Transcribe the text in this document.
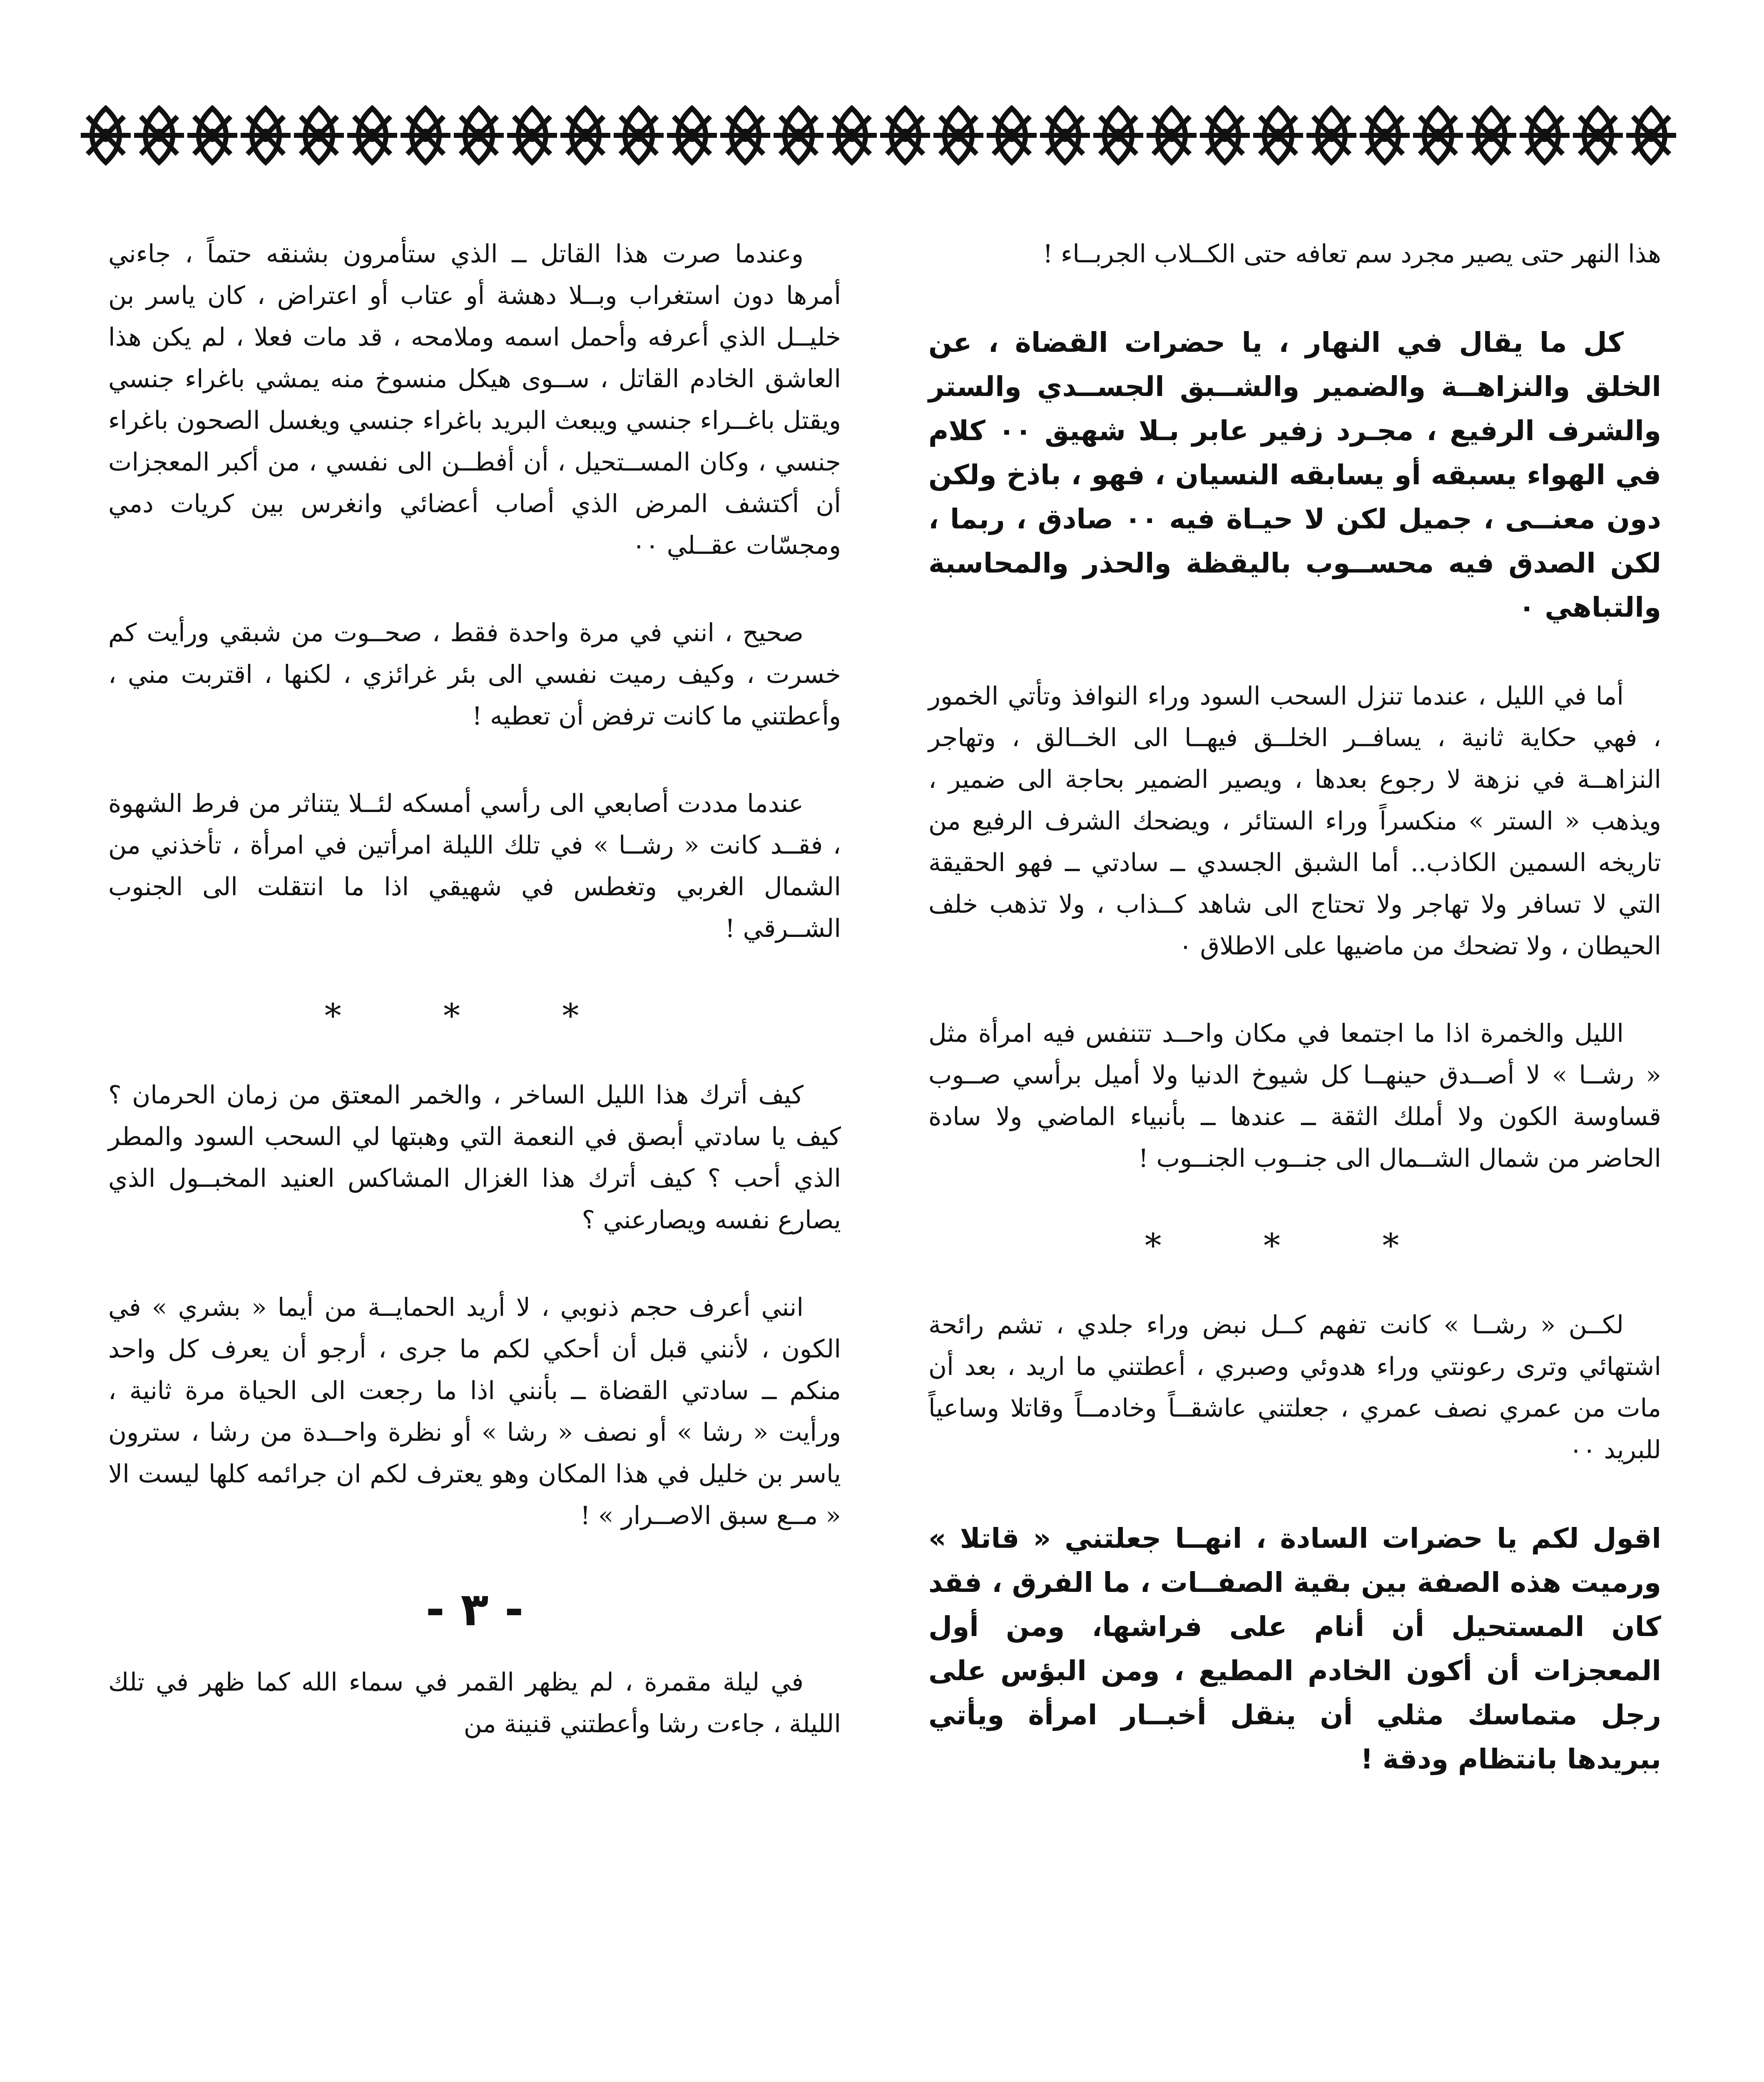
هذا النهر حتى يصير مجرد سم تعافه حتى الكــلاب الجربــاء !
كل ما يقال في النهار ، يا حضرات القضاة ، عن الخلق والنزاهــة والضمير والشــبق الجســدي والستر والشرف الرفيع ، مجـرد زفير عابر بـلا شهيق ٠٠ كلام في الهواء يسبقه أو يسابقه النسيان ، فهو ، باذخ ولكن دون معنــى ، جميل لكن لا حيـاة فيه ٠٠ صادق ، ربما ، لكن الصدق فيه محســوب باليقظة والحذر والمحاسبة والتباهي ٠
أما في الليل ، عندما تنزل السحب السود وراء النوافذ وتأتي الخمور ، فهي حكاية ثانية ، يسافــر الخلــق فيهــا الى الخــالق ، وتهاجر النزاهــة في نزهة لا رجوع بعدها ، ويصير الضمير بحاجة الى ضمير ، ويذهب « الستر » منكسراً وراء الستائر ، ويضحك الشرف الرفيع من تاريخه السمين الكاذب.. أما الشبق الجسدي ــ سادتي ــ فهو الحقيقة التي لا تسافر ولا تهاجر ولا تحتاج الى شاهد كــذاب ، ولا تذهب خلف الحيطان ، ولا تضحك من ماضيها على الاطلاق ٠
الليل والخمرة اذا ما اجتمعا في مكان واحــد تتنفس فيه امرأة مثل « رشــا » لا أصــدق حينهــا كل شيوخ الدنيا ولا أميل برأسي صــوب قساوسة الكون ولا أملك الثقة ــ عندها ــ بأنبياء الماضي ولا سادة الحاضر من شمال الشــمال الى جنــوب الجنــوب !
* * *
لكــن « رشــا » كانت تفهم كــل نبض وراء جلدي ، تشم رائحة اشتهائي وترى رعونتي وراء هدوئي وصبري ، أعطتني ما اريد ، بعد أن مات من عمري نصف عمري ، جعلتني عاشقــاً وخادمــاً وقاتلا وساعياً للبريد ٠٠
اقول لكم يا حضرات السادة ، انهــا جعلتني « قاتلا » ورميت هذه الصفة بين بقية الصفــات ، ما الفرق ، فقد كان المستحيل أن أنام على فراشها، ومن أول المعجزات أن أكون الخادم المطيع ، ومن البؤس على رجل متماسك مثلي أن ينقل أخبــار امرأة ويأتي ببريدها بانتظام ودقة !
وعندما صرت هذا القاتل ــ الذي ستأمرون بشنقه حتماً ، جاءني أمرها دون استغراب وبــلا دهشة أو عتاب أو اعتراض ، كان ياسر بن خليــل الذي أعرفه وأحمل اسمه وملامحه ، قد مات فعلا ، لم يكن هذا العاشق الخادم القاتل ، ســوى هيكل منسوخ منه يمشي باغراء جنسي ويقتل باغــراء جنسي ويبعث البريد باغراء جنسي ويغسل الصحون باغراء جنسي ، وكان المســتحيل ، أن أفطــن الى نفسي ، من أكبر المعجزات أن أكتشف المرض الذي أصاب أعضائي وانغرس بين كريات دمي ومجسّات عقــلي ٠٠
صحيح ، انني في مرة واحدة فقط ، صحــوت من شبقي ورأيت كم خسرت ، وكيف رميت نفسي الى بئر غرائزي ، لكنها ، اقتربت مني ، وأعطتني ما كانت ترفض أن تعطيه !
عندما مددت أصابعي الى رأسي أمسكه لئــلا يتناثر من فرط الشهوة ، فقــد كانت « رشــا » في تلك الليلة امرأتين في امرأة ، تأخذني من الشمال الغربي وتغطس في شهيقي اذا ما انتقلت الى الجنوب الشــرقي !
* * *
كيف أترك هذا الليل الساخر ، والخمر المعتق من زمان الحرمان ؟ كيف يا سادتي أبصق في النعمة التي وهبتها لي السحب السود والمطر الذي أحب ؟ كيف أترك هذا الغزال المشاكس العنيد المخبــول الذي يصارع نفسه ويصارعني ؟
انني أعرف حجم ذنوبي ، لا أريد الحمايــة من أيما « بشري » في الكون ، لأنني قبل أن أحكي لكم ما جرى ، أرجو أن يعرف كل واحد منكم ــ سادتي القضاة ــ بأنني اذا ما رجعت الى الحياة مرة ثانية ، ورأيت « رشا » أو نصف « رشا » أو نظرة واحــدة من رشا ، سترون ياسر بن خليل في هذا المكان وهو يعترف لكم ان جرائمه كلها ليست الا « مــع سبق الاصــرار » !
- ٣ -
في ليلة مقمرة ، لم يظهر القمر في سماء الله كما ظهر في تلك الليلة ، جاءت رشا وأعطتني قنينة من
